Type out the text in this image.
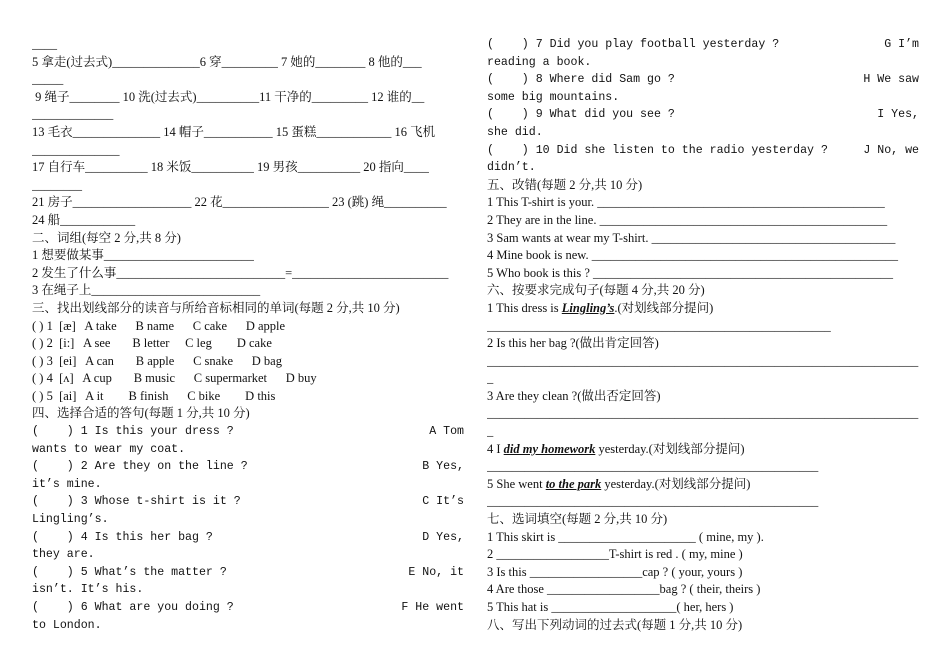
____
5 拿走(过去式)______________6 穿_________ 7 她的________ 8 他的___
_____
9 绳子________ 10 洗(过去式)__________11 干净的_________ 12 谁的__
_____________
13 毛衣______________ 14 帽子___________ 15 蛋糕____________ 16 飞机
______________
17 自行车__________ 18 米饭__________ 19 男孩__________ 20 指向____
________
21 房子___________________ 22 花_________________ 23 (跳) 绳__________
24 船____________
二、词组(每空 2 分,共 8 分)
1 想要做某事________________________
2 发生了什么事___________________________=_________________________
3 在绳子上___________________________
三、找出划线部分的读音与所给音标相同的单词(每题 2 分,共 10 分)
( ) 1  [æ]   A take      B name      C cake      D apple
( ) 2  [i:]   A see       B letter     C leg        D cake
( ) 3  [ei]   A can       B apple      C snake      D bag
( ) 4  [ʌ]   A cup       B music      C supermarket      D buy
( ) 5  [ai]   A it        B finish      C bike        D this
四、选择合适的答句(每题 1 分,共 10 分)
(    ) 1 Is this your dress ?	A Tom
wants to wear my coat.
(    ) 2 Are they on the line ?	B Yes,
it’s mine.
(    ) 3 Whose t-shirt is it ?	C It’s
Lingling’s.
(    ) 4 Is this her bag ?	D Yes,
they are.
(    ) 5 What’s the matter ?	E No, it
isn’t. It’s his.
(    ) 6 What are you doing ?	F He went
to London.
(    ) 7 Did you play football yesterday ?	G I’m
reading a book.
(    ) 8 Where did Sam go ?	H We saw
some big mountains.
(    ) 9 What did you see ?	I Yes,
she did.
(    ) 10 Did she listen to the radio yesterday ?	J No, we
didn’t.
五、改错(每题 2 分,共 10 分)
1 This T-shirt is your. ______________________________________________
2 They are in the line. ______________________________________________
3 Sam wants at wear my T-shirt. _______________________________________
4 Mine book is new. _________________________________________________
5 Who book is this ? ________________________________________________
六、按要求完成句子(每题 4 分,共 20 分)
1 This dress is Lingling’s.(对划线部分提问)
_______________________________________________________
2 Is this her bag ?(做出肯定回答)
_____________________________________________________________________
_
3 Are they clean ?(做出否定回答)
_____________________________________________________________________
_
4 I did my homework yesterday.(对划线部分提问)
_____________________________________________________
5 She went to the park yesterday.(对划线部分提问)
_____________________________________________________
七、选词填空(每题 2 分,共 10 分)
1 This skirt is ______________________ ( mine, my ).
2 __________________T-shirt is red . ( my, mine )
3 Is this __________________cap ? ( your, yours )
4 Are those __________________bag ? ( their, theirs )
5 This hat is ____________________( her, hers )
八、写出下列动词的过去式(每题 1 分,共 10 分)
